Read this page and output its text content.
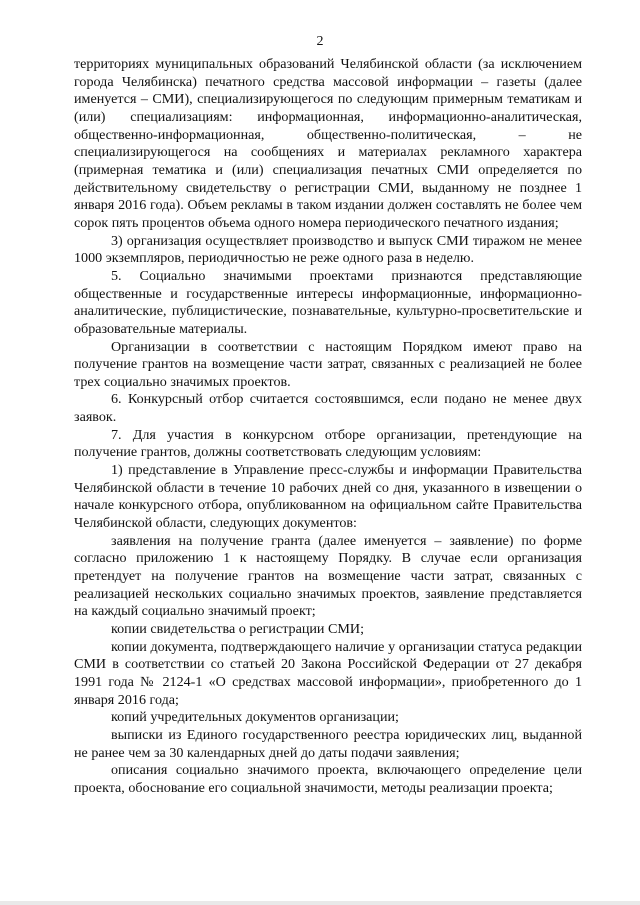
2

территориях муниципальных образований Челябинской области (за исключением города Челябинска) печатного средства массовой информации – газеты (далее именуется – СМИ), специализирующегося по следующим примерным тематикам и (или) специализациям: информационная, информационно-аналитическая, общественно-информационная, общественно-политическая, – не специализирующегося на сообщениях и материалах рекламного характера (примерная тематика и (или) специализация печатных СМИ определяется по действительному свидетельству о регистрации СМИ, выданному не позднее 1 января 2016 года). Объем рекламы в таком издании должен составлять не более чем сорок пять процентов объема одного номера периодического печатного издания;

3) организация осуществляет производство и выпуск СМИ тиражом не менее 1000 экземпляров, периодичностью не реже одного раза в неделю.

5. Социально значимыми проектами признаются представляющие общественные и государственные интересы информационные, информационно-аналитические, публицистические, познавательные, культурно-просветительские и образовательные материалы.

Организации в соответствии с настоящим Порядком имеют право на получение грантов на возмещение части затрат, связанных с реализацией не более трех социально значимых проектов.

6. Конкурсный отбор считается состоявшимся, если подано не менее двух заявок.

7. Для участия в конкурсном отборе организации, претендующие на получение грантов, должны соответствовать следующим условиям:

1) представление в Управление пресс-службы и информации Правительства Челябинской области в течение 10 рабочих дней со дня, указанного в извещении о начале конкурсного отбора, опубликованном на официальном сайте Правительства Челябинской области, следующих документов:

заявления на получение гранта (далее именуется – заявление) по форме согласно приложению 1 к настоящему Порядку. В случае если организация претендует на получение грантов на возмещение части затрат, связанных с реализацией нескольких социально значимых проектов, заявление представляется на каждый социально значимый проект;

копии свидетельства о регистрации СМИ;

копии документа, подтверждающего наличие у организации статуса редакции СМИ в соответствии со статьей 20 Закона Российской Федерации от 27 декабря 1991 года № 2124-1 «О средствах массовой информации», приобретенного до 1 января 2016 года;

копий учредительных документов организации;

выписки из Единого государственного реестра юридических лиц, выданной не ранее чем за 30 календарных дней до даты подачи заявления;

описания социально значимого проекта, включающего определение цели проекта, обоснование его социальной значимости, методы реализации проекта;
